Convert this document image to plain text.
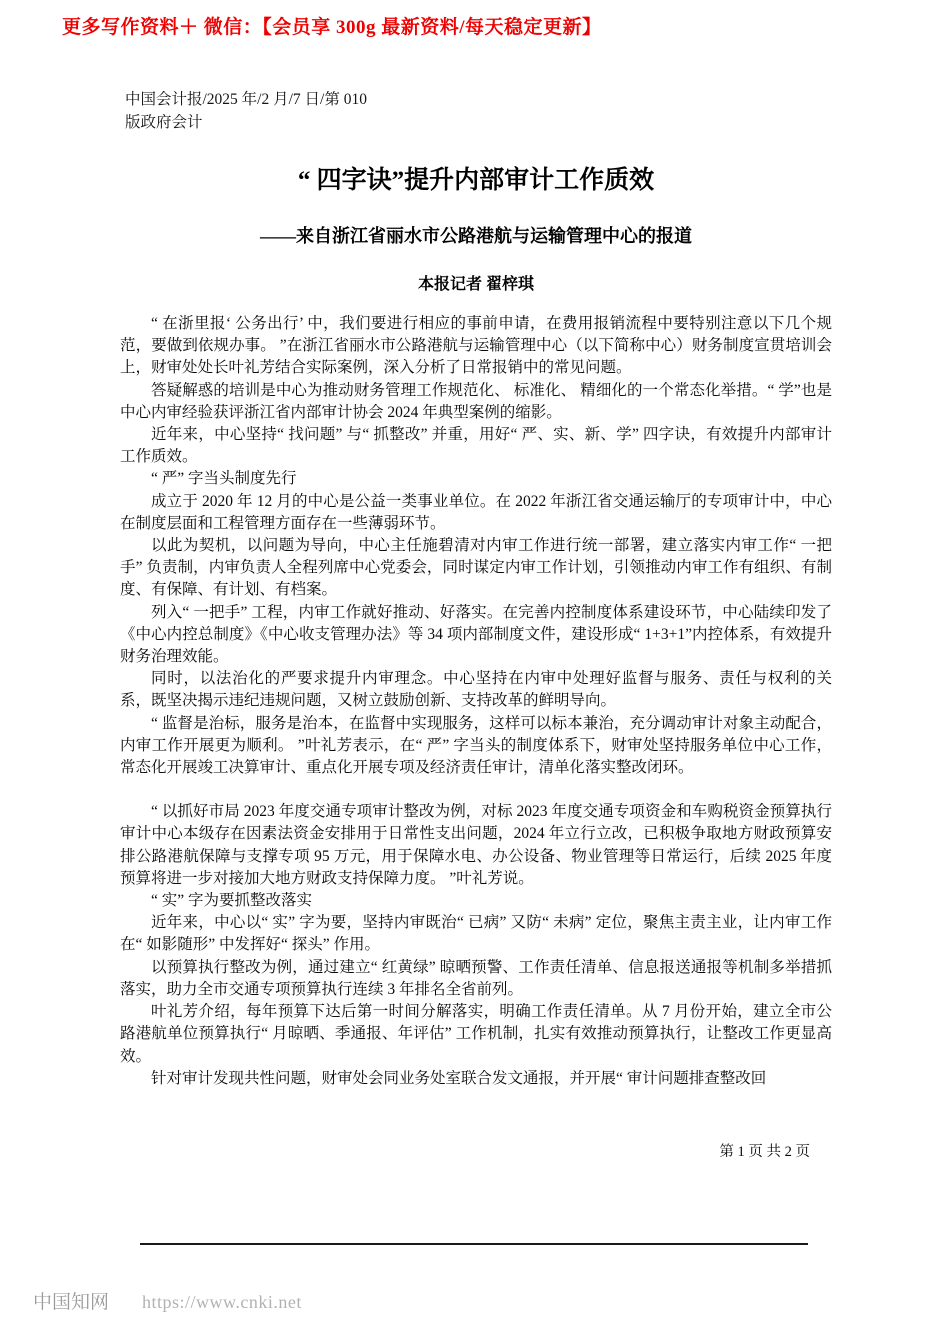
更多写作资料＋ 微信：【会员享 300g 最新资料/每天稳定更新】
中国会计报/2025 年/2 月/7 日/第 010
版政府会计
“ 四字诀”提升内部审计工作质效
——来自浙江省丽水市公路港航与运输管理中心的报道
本报记者 翟梓琪

“ 在浙里报‘ 公务出行’ 中，我们要进行相应的事前申请，在费用报销流程中要特别注意以下几个规范，要做到依规办事。 ”在浙江省丽水市公路港航与运输管理中心（以下简称中心）财务制度宣贯培训会上，财审处处长叶礼芳结合实际案例，深入分析了日常报销中的常见问题。

答疑解惑的培训是中心为推动财务管理工作规范化、 标准化、 精细化的一个常态化举措。“ 学”也是中心内审经验获评浙江省内部审计协会 2024 年典型案例的缩影。

近年来，中心坚持“ 找问题” 与“ 抓整改” 并重，用好“ 严、实、新、学” 四字诀，有效提升内部审计工作质效。

“ 严” 字当头制度先行

成立于 2020 年 12 月的中心是公益一类事业单位。在 2022 年浙江省交通运输厅的专项审计中，中心在制度层面和工程管理方面存在一些薄弱环节。

以此为契机，以问题为导向，中心主任施碧清对内审工作进行统一部署，建立落实内审工作“ 一把手” 负责制，内审负责人全程列席中心党委会，同时谋定内审工作计划，引领推动内审工作有组织、有制度、有保障、有计划、有档案。

列入“ 一把手” 工程，内审工作就好推动、好落实。在完善内控制度体系建设环节，中心陆续印发了《中心内控总制度》《中心收支管理办法》等 34 项内部制度文件，建设形成“ 1+3+1”内控体系，有效提升财务治理效能。

同时，以法治化的严要求提升内审理念。中心坚持在内审中处理好监督与服务、责任与权利的关系，既坚决揭示违纪违规问题，又树立鼓励创新、支持改革的鲜明导向。

“ 监督是治标，服务是治本，在监督中实现服务，这样可以标本兼治，充分调动审计对象主动配合，内审工作开展更为顺利。 ”叶礼芳表示，在“ 严” 字当头的制度体系下，财审处坚持服务单位中心工作，常态化开展竣工决算审计、重点化开展专项及经济责任审计，清单化落实整改闭环。

“ 以抓好市局 2023 年度交通专项审计整改为例，对标 2023 年度交通专项资金和车购税资金预算执行审计中心本级存在因素法资金安排用于日常性支出问题，2024 年立行立改，已积极争取地方财政预算安排公路港航保障与支撑专项 95 万元，用于保障水电、办公设备、物业管理等日常运行，后续 2025 年度预算将进一步对接加大地方财政支持保障力度。 ”叶礼芳说。

“ 实” 字为要抓整改落实

近年来，中心以“ 实” 字为要，坚持内审既治“ 已病” 又防“ 未病” 定位，聚焦主责主业，让内审工作在“ 如影随形” 中发挥好“ 探头” 作用。

以预算执行整改为例，通过建立“ 红黄绿” 晾晒预警、工作责任清单、信息报送通报等机制多举措抓落实，助力全市交通专项预算执行连续 3 年排名全省前列。

叶礼芳介绍，每年预算下达后第一时间分解落实，明确工作责任清单。从 7 月份开始，建立全市公路港航单位预算执行“ 月晾晒、季通报、年评估” 工作机制，扎实有效推动预算执行，让整改工作更显高效。

针对审计发现共性问题，财审处会同业务处室联合发文通报，并开展“ 审计问题排查整改回

第 1 页 共 2 页
中国知网 https://www.cnki.net
